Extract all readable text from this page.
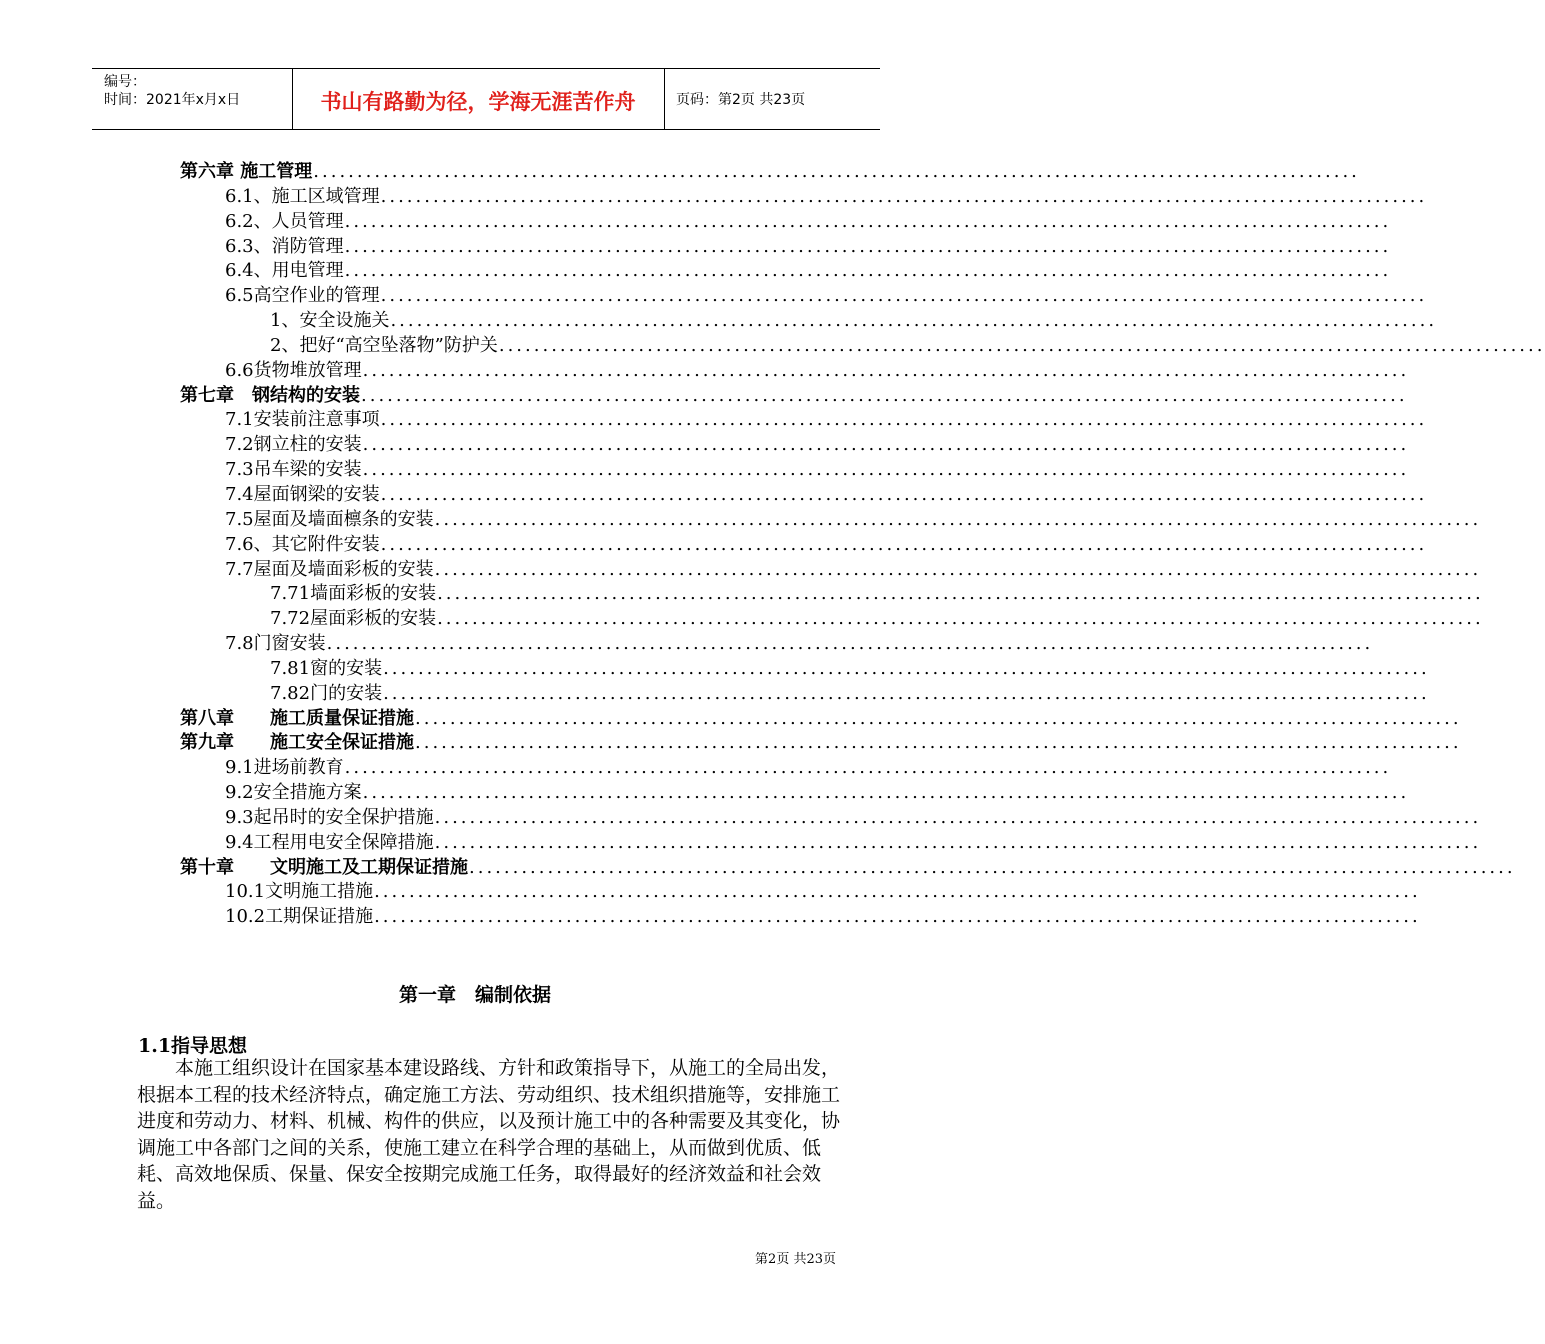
编号：
时间：2021年x月x日	书山有路勤为径，学海无涯苦作舟	页码：第2页 共23页
第六章 施工管理 ........................................................................................................................
6.1、施工区域管理 ........................................................................................................................
6.2、人员管理 ........................................................................................................................
6.3、消防管理 ........................................................................................................................
6.4、用电管理 ........................................................................................................................
6.5高空作业的管理 ........................................................................................................................
1、安全设施关 ........................................................................................................................
2、把好“高空坠落物”防护关 ........................................................................................................................
6.6货物堆放管理 ........................................................................................................................
第七章　钢结构的安装 ........................................................................................................................
7.1安装前注意事项 ........................................................................................................................
7.2钢立柱的安装 ........................................................................................................................
7.3吊车梁的安装 ........................................................................................................................
7.4屋面钢梁的安装 ........................................................................................................................
7.5屋面及墙面檩条的安装 ........................................................................................................................
7.6、其它附件安装 ........................................................................................................................
7.7屋面及墙面彩板的安装 ........................................................................................................................
7.71墙面彩板的安装 ........................................................................................................................
7.72屋面彩板的安装 ........................................................................................................................
7.8门窗安装 ........................................................................................................................
7.81窗的安装 ........................................................................................................................
7.82门的安装 ........................................................................................................................
第八章　　施工质量保证措施 ........................................................................................................................
第九章　　施工安全保证措施 ........................................................................................................................
9.1进场前教育 ........................................................................................................................
9.2安全措施方案 ........................................................................................................................
9.3起吊时的安全保护措施 ........................................................................................................................
9.4工程用电安全保障措施 ........................................................................................................................
第十章　　文明施工及工期保证措施 ........................................................................................................................
10.1文明施工措施 ........................................................................................................................
10.2工期保证措施 ........................................................................................................................
第一章　编制依据
1.1指导思想
　　本施工组织设计在国家基本建设路线、方针和政策指导下，从施工的全局出发，根据本工程的技术经济特点，确定施工方法、劳动组织、技术组织措施等，安排施工进度和劳动力、材料、机械、构件的供应，以及预计施工中的各种需要及其变化，协调施工中各部门之间的关系，使施工建立在科学合理的基础上，从而做到优质、低耗、高效地保质、保量、保安全按期完成施工任务，取得最好的经济效益和社会效益。
第2页 共23页
